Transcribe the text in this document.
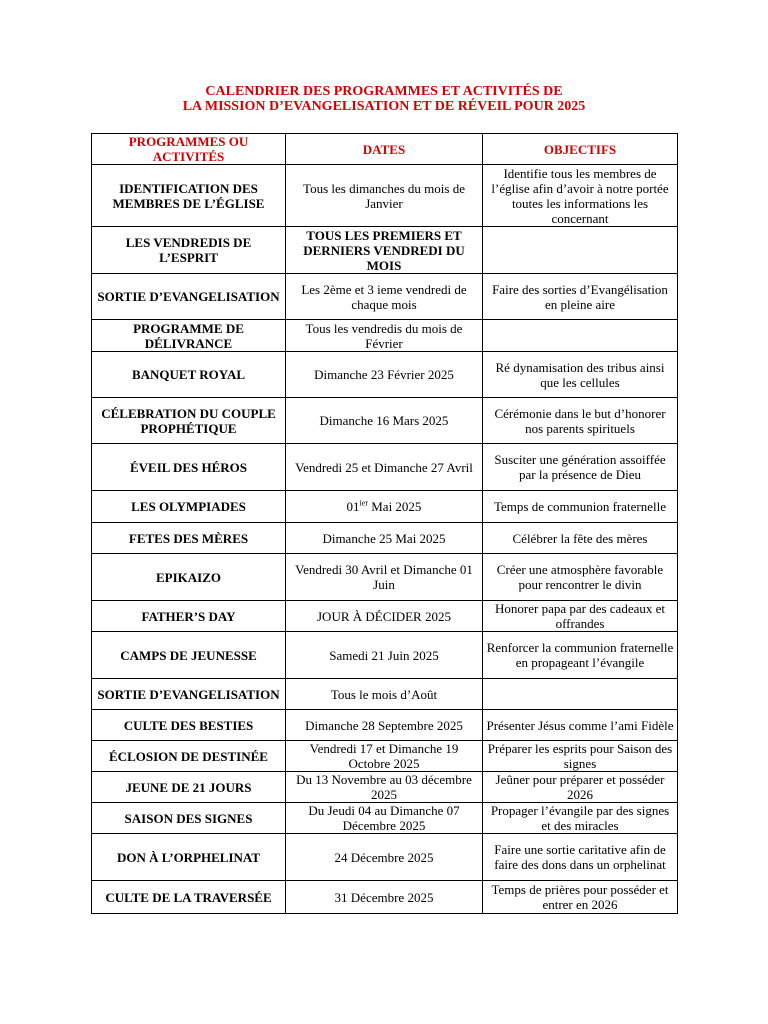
CALENDRIER DES PROGRAMMES ET ACTIVITÉS DE
LA MISSION D’EVANGELISATION ET DE RÉVEIL POUR 2025
PROGRAMMES OU ACTIVITÉS	DATES	OBJECTIFS
IDENTIFICATION DES MEMBRES DE L’ÉGLISE	Tous les dimanches du mois de Janvier	Identifie tous les membres de l’église afin d’avoir à notre portée toutes les informations les concernant
LES VENDREDIS DE L’ESPRIT	TOUS LES PREMIERS ET DERNIERS VENDREDI DU MOIS	
SORTIE D’EVANGELISATION	Les 2ème et 3 ieme vendredi de chaque mois	Faire des sorties d’Evangélisation en pleine aire
PROGRAMME DE DÉLIVRANCE	Tous les vendredis du mois de Février	
BANQUET ROYAL	Dimanche 23 Février 2025	Ré dynamisation des tribus ainsi que les cellules
CÉLEBRATION DU COUPLE PROPHÉTIQUE	Dimanche 16 Mars 2025	Cérémonie dans le but d’honorer nos parents spirituels
ÉVEIL DES HÉROS	Vendredi 25 et Dimanche 27 Avril	Susciter une génération assoiffée par la présence de Dieu
LES OLYMPIADES	$01^{ier}$ Mai 2025	Temps de communion fraternelle
FETES DES MÈRES	Dimanche 25 Mai 2025	Célébrer la fête des mères
EPIKAIZO	Vendredi 30 Avril et Dimanche 01 Juin	Créer une atmosphère favorable pour rencontrer le divin
FATHER’S DAY	JOUR À DÉCIDER 2025	Honorer papa par des cadeaux et offrandes
CAMPS DE JEUNESSE	Samedi 21 Juin 2025	Renforcer la communion fraternelle en propageant l’évangile
SORTIE D’EVANGELISATION	Tous le mois d’Août	
CULTE DES BESTIES	Dimanche 28 Septembre 2025	Présenter Jésus comme l’ami Fidèle
ÉCLOSION DE DESTINÉE	Vendredi 17 et Dimanche 19 Octobre 2025	Préparer les esprits pour Saison des signes
JEUNE DE 21 JOURS	Du 13 Novembre au 03 décembre 2025	Jeûner pour préparer et posséder 2026
SAISON DES SIGNES	Du Jeudi 04 au Dimanche 07 Décembre 2025	Propager l’évangile par des signes et des miracles
DON À L’ORPHELINAT	24 Décembre 2025	Faire une sortie caritative afin de faire des dons dans un orphelinat
CULTE DE LA TRAVERSÉE	31 Décembre 2025	Temps de prières pour posséder et entrer en 2026
